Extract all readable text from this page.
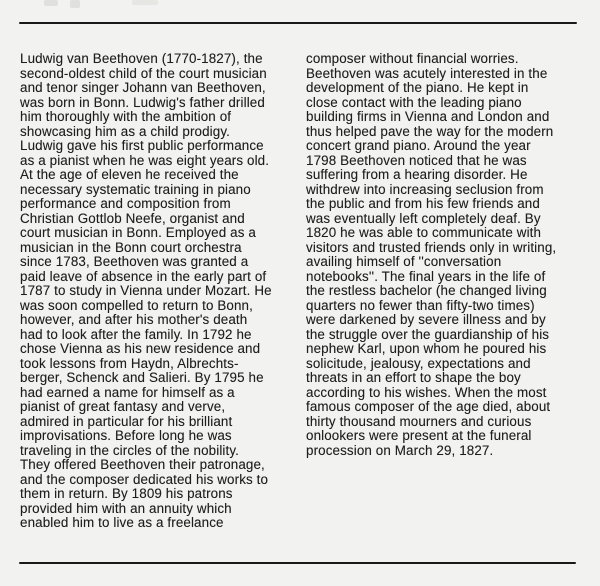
Ludwig van Beethoven (1770-1827), the
second-oldest child of the court musician
and tenor singer Johann van Beethoven,
was born in Bonn. Ludwig's father drilled
him thoroughly with the ambition of
showcasing him as a child prodigy.
Ludwig gave his first public performance
as a pianist when he was eight years old.
At the age of eleven he received the
necessary systematic training in piano
performance and composition from
Christian Gottlob Neefe, organist and
court musician in Bonn. Employed as a
musician in the Bonn court orchestra
since 1783, Beethoven was granted a
paid leave of absence in the early part of
1787 to study in Vienna under Mozart. He
was soon compelled to return to Bonn,
however, and after his mother's death
had to look after the family. In 1792 he
chose Vienna as his new residence and
took lessons from Haydn, Albrechts-
berger, Schenck and Salieri. By 1795 he
had earned a name for himself as a
pianist of great fantasy and verve,
admired in particular for his brilliant
improvisations. Before long he was
traveling in the circles of the nobility.
They offered Beethoven their patronage,
and the composer dedicated his works to
them in return. By 1809 his patrons
provided him with an annuity which
enabled him to live as a freelance
composer without financial worries.
Beethoven was acutely interested in the
development of the piano. He kept in
close contact with the leading piano
building firms in Vienna and London and
thus helped pave the way for the modern
concert grand piano. Around the year
1798 Beethoven noticed that he was
suffering from a hearing disorder. He
withdrew into increasing seclusion from
the public and from his few friends and
was eventually left completely deaf. By
1820 he was able to communicate with
visitors and trusted friends only in writing,
availing himself of ''conversation
notebooks''. The final years in the life of
the restless bachelor (he changed living
quarters no fewer than fifty-two times)
were darkened by severe illness and by
the struggle over the guardianship of his
nephew Karl, upon whom he poured his
solicitude, jealousy, expectations and
threats in an effort to shape the boy
according to his wishes. When the most
famous composer of the age died, about
thirty thousand mourners and curious
onlookers were present at the funeral
procession on March 29, 1827.
